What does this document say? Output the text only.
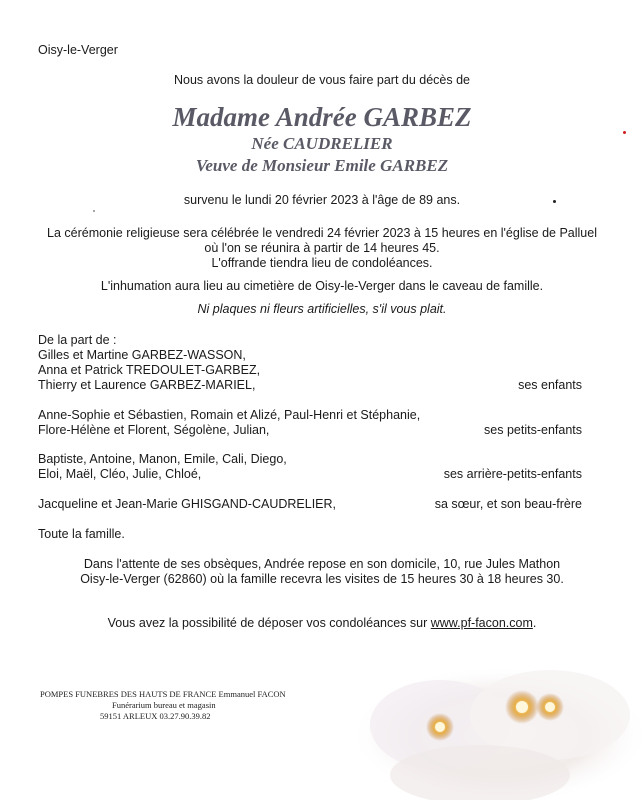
Oisy-le-Verger
Nous avons la douleur de vous faire part du décès de
Madame Andrée GARBEZ
Née CAUDRELIER
Veuve de Monsieur Emile GARBEZ
survenu le lundi 20 février 2023 à l'âge de 89 ans.
La cérémonie religieuse sera célébrée le vendredi 24 février 2023 à 15 heures en l'église de Palluel
où l'on se réunira à partir de 14 heures 45.
L'offrande tiendra lieu de condoléances.
L'inhumation aura lieu au cimetière de Oisy-le-Verger dans le caveau de famille.
Ni plaques ni fleurs artificielles, s'il vous plait.
De la part de :
Gilles et Martine GARBEZ-WASSON,
Anna et Patrick TREDOULET-GARBEZ,
Thierry et Laurence GARBEZ-MARIEL,	ses enfants
Anne-Sophie et Sébastien, Romain et Alizé, Paul-Henri et Stéphanie,
Flore-Hélène et Florent, Ségolène, Julian,	ses petits-enfants
Baptiste, Antoine, Manon, Emile, Cali, Diego,
Eloi, Maël, Cléo, Julie, Chloé,	ses arrière-petits-enfants
Jacqueline et Jean-Marie GHISGAND-CAUDRELIER,	sa sœur, et son beau-frère
Toute la famille.
Dans l'attente de ses obsèques, Andrée repose en son domicile, 10, rue Jules Mathon
Oisy-le-Verger (62860) où la famille recevra les visites de 15 heures 30 à 18 heures 30.
Vous avez la possibilité de déposer vos condoléances sur www.pf-facon.com.
POMPES FUNEBRES DES HAUTS DE FRANCE Emmanuel FACON
Funérarium bureau et magasin
59151 ARLEUX 03.27.90.39.82
